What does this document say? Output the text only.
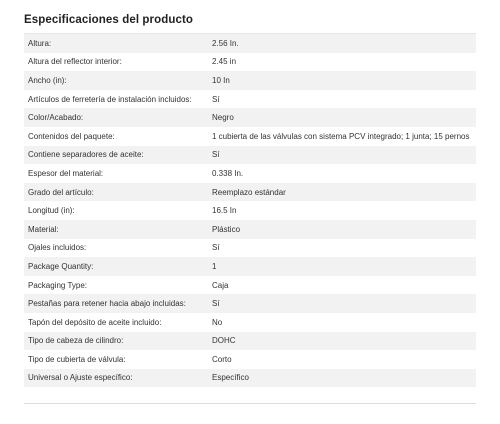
Especificaciones del producto
Altura:	2.56 In.
Altura del reflector interior:	2.45 in
Ancho (in):	10 In
Artículos de ferretería de instalación incluidos:	Sí
Color/Acabado:	Negro
Contenidos del paquete:	1 cubierta de las válvulas con sistema PCV integrado; 1 junta; 15 pernos
Contiene separadores de aceite:	Sí
Espesor del material:	0.338 In.
Grado del artículo:	Reemplazo estándar
Longitud (in):	16.5 In
Material:	Plástico
Ojales incluidos:	Sí
Package Quantity:	1
Packaging Type:	Caja
Pestañas para retener hacia abajo incluidas:	Sí
Tapón del depósito de aceite incluido:	No
Tipo de cabeza de cilindro:	DOHC
Tipo de cubierta de válvula:	Corto
Universal o Ajuste específico:	Específico
